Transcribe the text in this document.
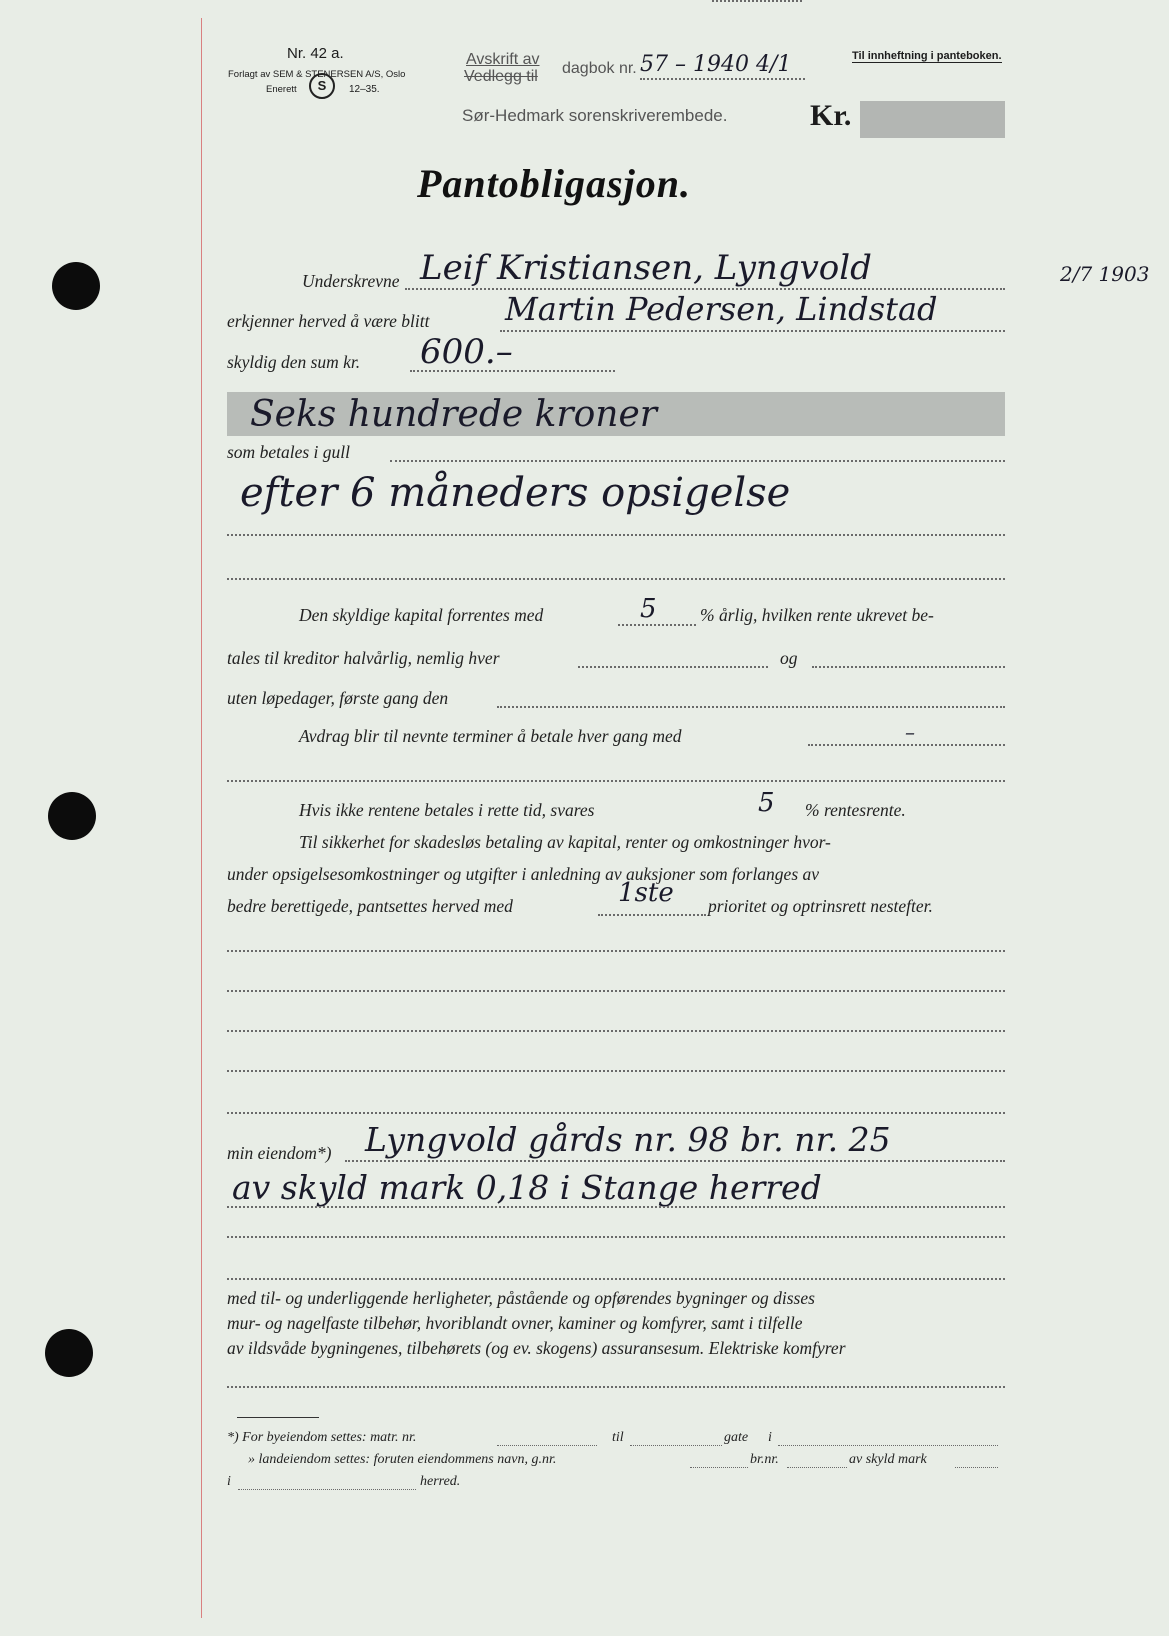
Nr. 42 a.
Forlagt av SEM & STENERSEN A/S, Oslo
Enerett	S	12–35.
Avskrift av
Vedlegg til dagbok nr. 57 – 1940 4/1	Til innheftning i panteboken.
Sør-Hedmark sorenskriverembede.	Kr.
Pantobligasjon.
Underskrevne Leif Kristiansen, Lyngvold	2/7 1903
erkjenner herved å være blitt Martin Pedersen, Lindstad
skyldig den sum kr. 600.–
Seks hundrede kroner
som betales i gull
efter 6 måneders opsigelse
Den skyldige kapital forrentes med	5 % årlig, hvilken rente ukrevet be-
tales til kreditor halvårlig, nemlig hver	og
uten løpedager, første gang den
Avdrag blir til nevnte terminer å betale hver gang med	–
Hvis ikke rentene betales i rette tid, svares	5 % rentesrente.
Til sikkerhet for skadesløs betaling av kapital, renter og omkostninger hvor-
under opsigelsesomkostninger og utgifter i anledning av auksjoner som forlanges av
bedre berettigede, pantsettes herved med	1ste prioritet og optrinsrett nestefter.
min eiendom*) Lyngvold gårds nr. 98 br. nr. 25
av skyld mark 0,18 i Stange herred
med til- og underliggende herligheter, påstående og opførendes bygninger og disses
mur- og nagelfaste tilbehør, hvoriblandt ovner, kaminer og komfyrer, samt i tilfelle
av ildsvåde bygningenes, tilbehørets (og ev. skogens) assuransesum. Elektriske komfyrer
*) For byeiendom settes: matr. nr.	til	gate i
» landeiendom settes: foruten eiendommens navn, g.nr.	br.nr.	av skyld mark
i	herred.
